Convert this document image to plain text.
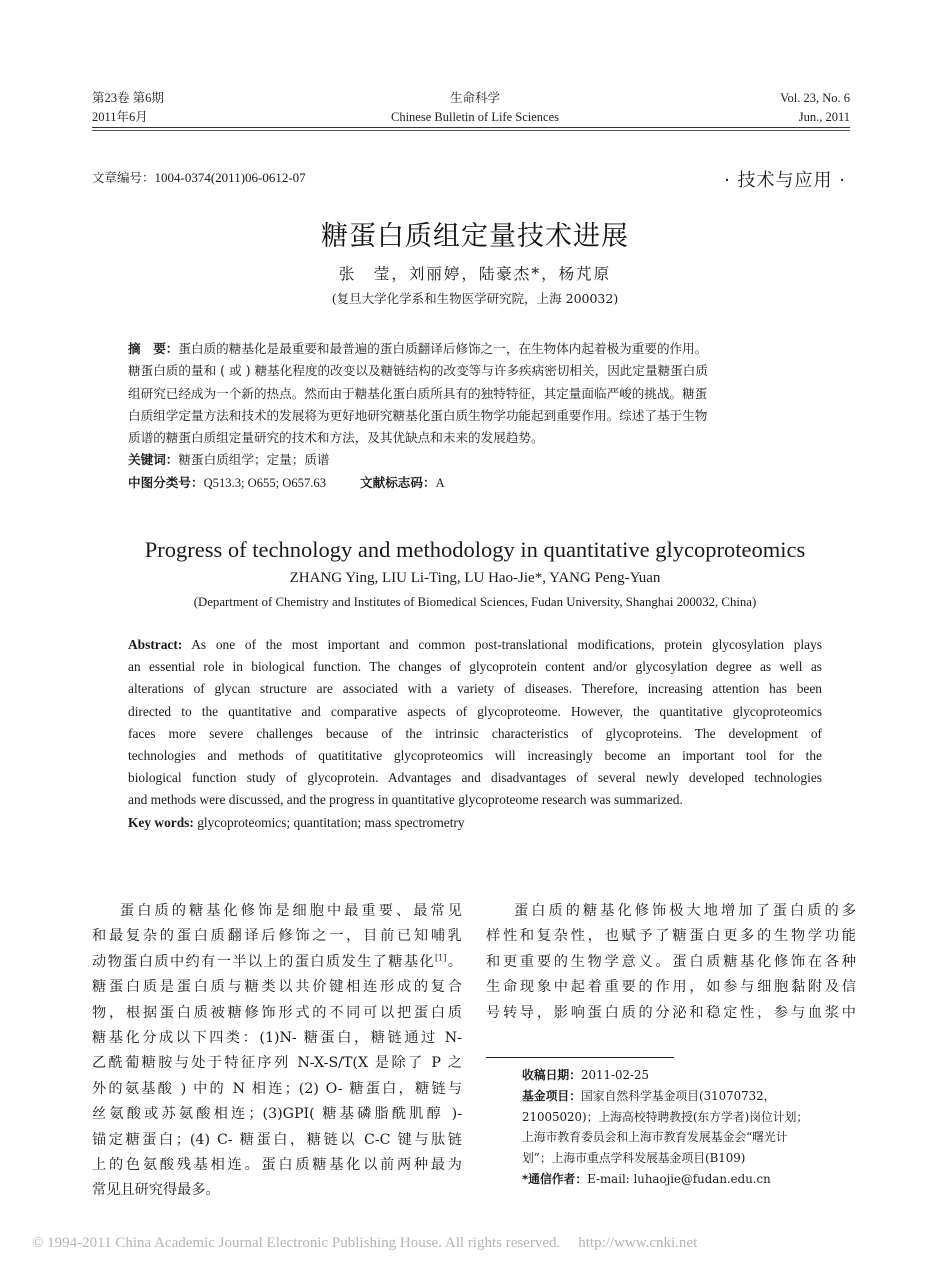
第23卷 第6期
2011年6月
生命科学
Chinese Bulletin of Life Sciences
Vol. 23, No. 6
Jun., 2011
文章编号：1004-0374(2011)06-0612-07	· 技术与应用 ·
糖蛋白质组定量技术进展
张　莹，刘丽婷，陆豪杰*，杨芃原
(复旦大学化学系和生物医学研究院，上海 200032)
摘　要：蛋白质的糖基化是最重要和最普遍的蛋白质翻译后修饰之一，在生物体内起着极为重要的作用。
糖蛋白质的量和 ( 或 ) 糖基化程度的改变以及糖链结构的改变等与许多疾病密切相关，因此定量糖蛋白质
组研究已经成为一个新的热点。然而由于糖基化蛋白质所具有的独特特征，其定量面临严峻的挑战。糖蛋
白质组学定量方法和技术的发展将为更好地研究糖基化蛋白质生物学功能起到重要作用。综述了基于生物
质谱的糖蛋白质组定量研究的技术和方法，及其优缺点和未来的发展趋势。
关键词：糖蛋白质组学；定量；质谱
中图分类号：Q513.3; O655; O657.63	文献标志码：A
Progress of technology and methodology in quantitative glycoproteomics
ZHANG Ying, LIU Li-Ting, LU Hao-Jie*, YANG Peng-Yuan
(Department of Chemistry and Institutes of Biomedical Sciences, Fudan University, Shanghai 200032, China)
Abstract: As one of the most important and common post-translational modifications, protein glycosylation plays
an essential role in biological function. The changes of glycoprotein content and/or glycosylation degree as well as
alterations of glycan structure are associated with a variety of diseases. Therefore, increasing attention has been
directed to the quantitative and comparative aspects of glycoproteome. However, the quantitative glycoproteomics
faces more severe challenges because of the intrinsic characteristics of glycoproteins. The development of
technologies and methods of quatititative glycoproteomics will increasingly become an important tool for the
biological function study of glycoprotein. Advantages and disadvantages of several newly developed technologies
and methods were discussed, and the progress in quantitative glycoproteome research was summarized.
Key words: glycoproteomics; quantitation; mass spectrometry
蛋白质的糖基化修饰是细胞中最重要、最常见
和最复杂的蛋白质翻译后修饰之一，目前已知哺乳
动物蛋白质中约有一半以上的蛋白质发生了糖基化[1]。
糖蛋白质是蛋白质与糖类以共价键相连形成的复合
物，根据蛋白质被糖修饰形式的不同可以把蛋白质
糖基化分成以下四类：(1)N- 糖蛋白，糖链通过 N-
乙酰葡糖胺与处于特征序列 N-X-S/T(X 是除了 P 之
外的氨基酸 ) 中的 N 相连；(2) O- 糖蛋白，糖链与
丝氨酸或苏氨酸相连；(3)GPI( 糖基磷脂酰肌醇 )-
锚定糖蛋白；(4) C- 糖蛋白，糖链以 C-C 键与肽链
上的色氨酸残基相连。蛋白质糖基化以前两种最为
常见且研究得最多。
蛋白质的糖基化修饰极大地增加了蛋白质的多
样性和复杂性，也赋予了糖蛋白更多的生物学功能
和更重要的生物学意义。蛋白质糖基化修饰在各种
生命现象中起着重要的作用，如参与细胞黏附及信
号转导，影响蛋白质的分泌和稳定性，参与血浆中
收稿日期：2011-02-25
基金项目：国家自然科学基金项目(31070732，
21005020)；上海高校特聘教授(东方学者)岗位计划；
上海市教育委员会和上海市教育发展基金会“曙光计
划”；上海市重点学科发展基金项目(B109)
*通信作者：E-mail: luhaojie@fudan.edu.cn
© 1994-2011 China Academic Journal Electronic Publishing House. All rights reserved. http://www.cnki.net
